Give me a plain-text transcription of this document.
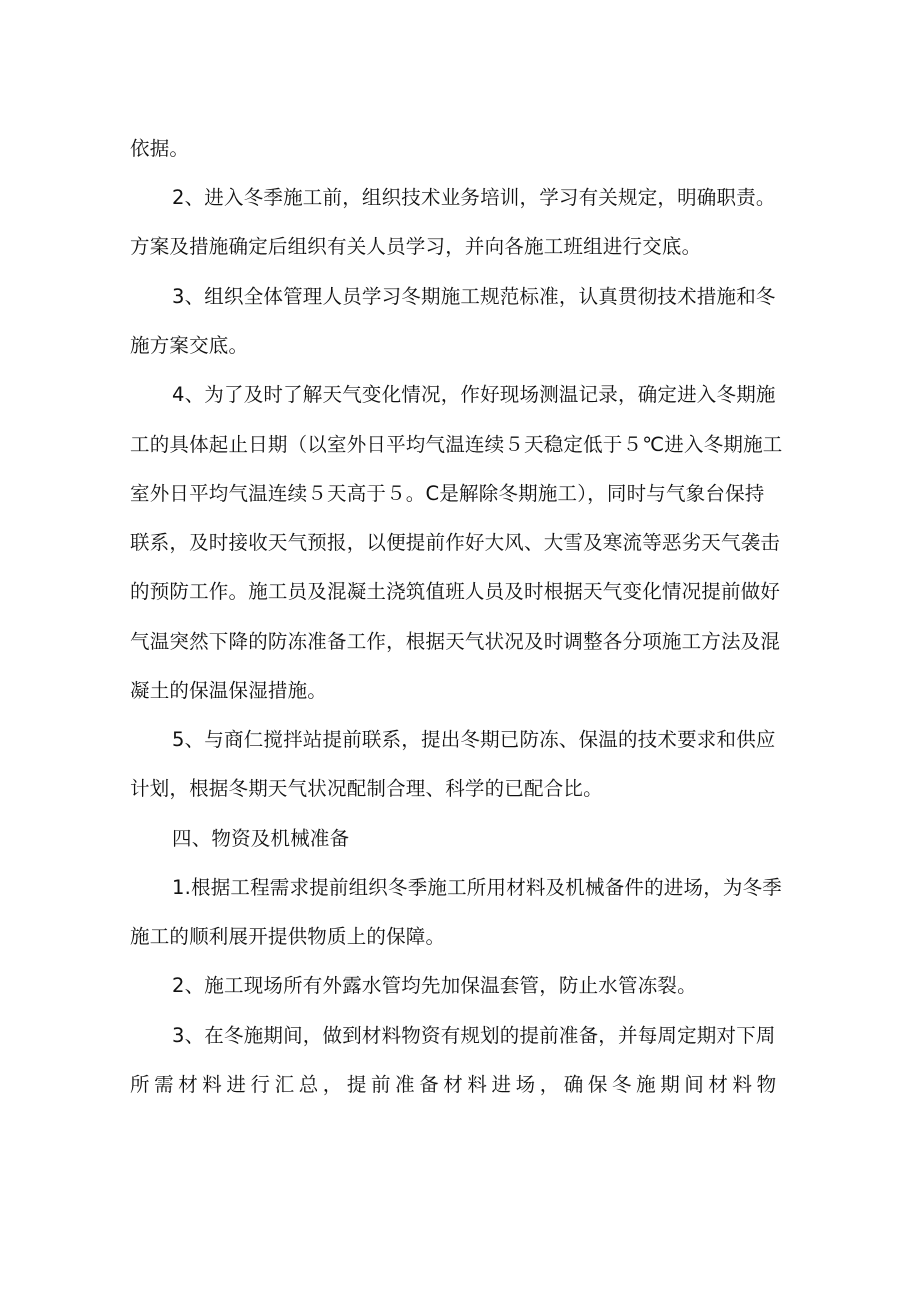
依据。
2、进入冬季施工前，组织技术业务培训，学习有关规定，明确职责。
方案及措施确定后组织有关人员学习，并向各施工班组进行交底。
3、组织全体管理人员学习冬期施工规范标准，认真贯彻技术措施和冬
施方案交底。
4、为了及时了解天气变化情况，作好现场测温记录，确定进入冬期施
工的具体起止日期（以室外日平均气温连续５天稳定低于５℃进入冬期施工
室外日平均气温连续５天高于５。C是解除冬期施工），同时与气象台保持
联系，及时接收天气预报，以便提前作好大风、大雪及寒流等恶劣天气袭击
的预防工作。施工员及混凝土浇筑值班人员及时根据天气变化情况提前做好
气温突然下降的防冻准备工作，根据天气状况及时调整各分项施工方法及混
凝土的保温保湿措施。
5、与商仁搅拌站提前联系，提出冬期已防冻、保温的技术要求和供应
计划，根据冬期天气状况配制合理、科学的已配合比。
四、物资及机械准备
1.根据工程需求提前组织冬季施工所用材料及机械备件的进场，为冬季
施工的顺利展开提供物质上的保障。
2、施工现场所有外露水管均先加保温套管，防止水管冻裂。
3、在冬施期间，做到材料物资有规划的提前准备，并每周定期对下周
所需材料进行汇总，提前准备材料进场，确保冬施期间材料物
